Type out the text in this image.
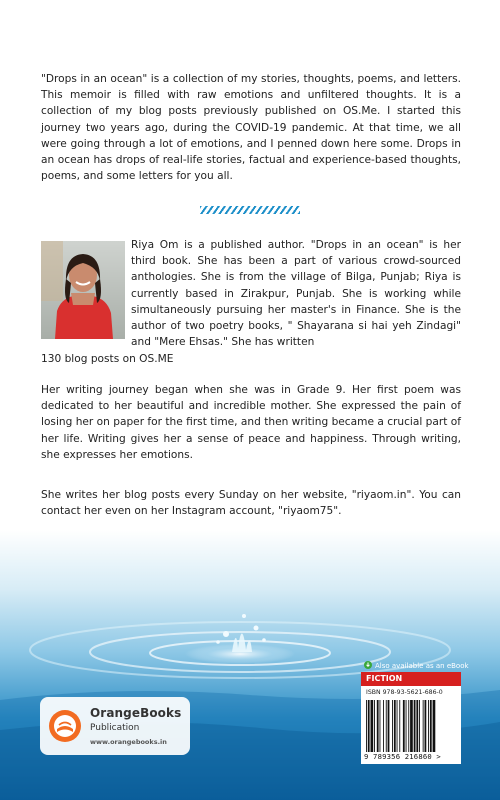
"Drops in an ocean" is a collection of my stories, thoughts, poems, and letters. This memoir is filled with raw emotions and unfiltered thoughts. It is a collection of my blog posts previously published on OS.Me. I started this journey two years ago, during the COVID-19 pandemic. At that time, we all were going through a lot of emotions, and I penned down here some. Drops in an ocean has drops of real-life stories, factual and experience-based thoughts, poems, and some letters for you all.

Riya Om is a published author. "Drops in an ocean" is her third book. She has been a part of various crowd-sourced anthologies. She is from the village of Bilga, Punjab; Riya is currently based in Zirakpur, Punjab. She is working while simultaneously pursuing her master's in Finance. She is the author of two poetry books, " Shayarana si hai yeh Zindagi" and "Mere Ehsas." She has written

130 blog posts on OS.ME

Her writing journey began when she was in Grade 9. Her first poem was dedicated to her beautiful and incredible mother. She expressed the pain of losing her on paper for the first time, and then writing became a crucial part of her life. Writing gives her a sense of peace and happiness. Through writing, she expresses her emotions.

She writes her blog posts every Sunday on her website, "riyaom.in". You can contact her even on her Instagram account, "riyaom75".

OrangeBooks
Publication
www.orangebooks.in
Also available as an eBook
FICTION
ISBN 978-93-5621-686-0
9 789356 216860 >
